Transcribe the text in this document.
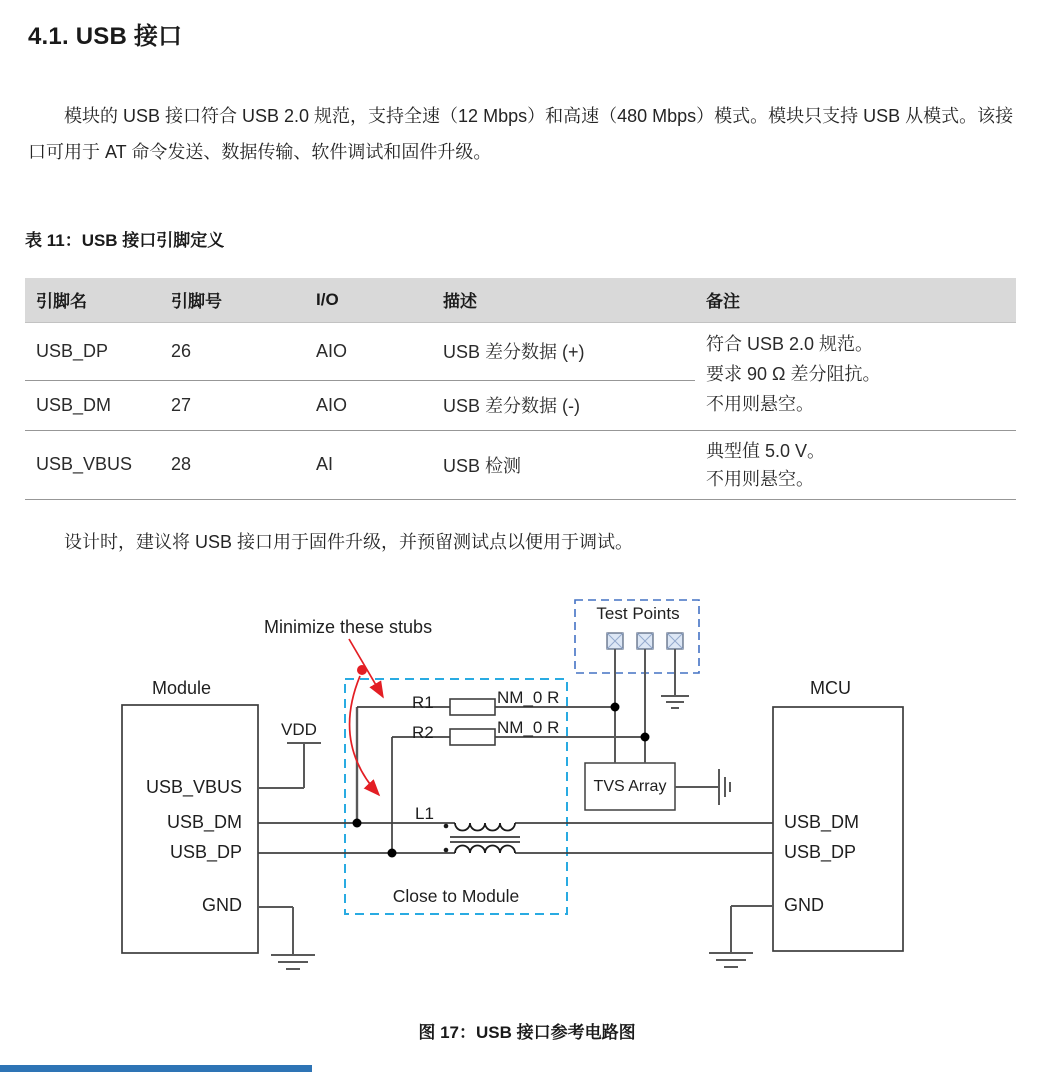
4.1. USB 接口
模块的 USB 接口符合 USB 2.0 规范，支持全速（12 Mbps）和高速（480 Mbps）模式。模块只支持 USB 从模式。该接口可用于 AT 命令发送、数据传输、软件调试和固件升级。
表 11：USB 接口引脚定义
引脚名	引脚号	I/O	描述	备注
USB_DP	26	AIO	USB 差分数据 (+)	符合 USB 2.0 规范。
要求 90 Ω 差分阻抗。
不用则悬空。

USB_DM	27	AIO	USB 差分数据 (-)	
USB_VBUS	28	AI	USB 检测	典型值 5.0 V。
不用则悬空。
设计时，建议将 USB 接口用于固件升级，并预留测试点以便用于调试。
Minimize these stubs
Test Points
Module	MCU
VDD
USB_VBUS
USB_DM
USB_DP
GND
USB_DM
USB_DP
GND
R1
R2
NM_0 R
NM_0 R
L1
TVS Array
Close to Module
图 17：USB 接口参考电路图
